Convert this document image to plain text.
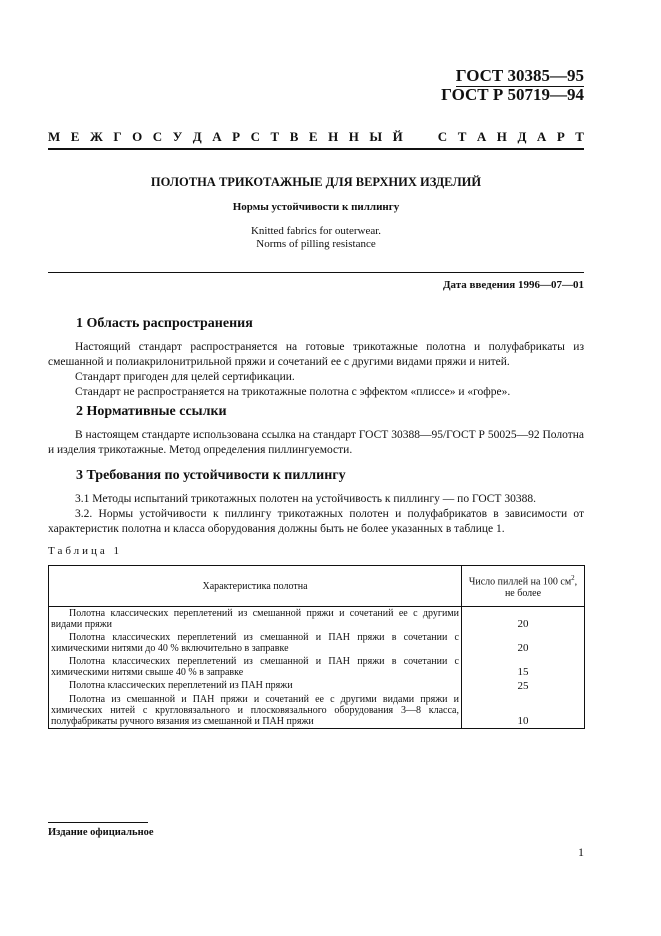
ГОСТ 30385—95
ГОСТ Р 50719—94
М Е Ж Г О С У Д А Р С Т В Е Н Н Ы Й	С Т А Н Д А Р Т
ПОЛОТНА ТРИКОТАЖНЫЕ ДЛЯ ВЕРХНИХ ИЗДЕЛИЙ
Нормы устойчивости к пиллингу
Knitted fabrics for outerwear.
Norms of pilling resistance
Дата введения 1996—07—01
1 Область распространения

Настоящий стандарт распространяется на готовые трикотажные полотна и полуфабрикаты из смешанной и полиакрилонитрильной пряжи и сочетаний ее с другими видами пряжи и нитей.

Стандарт пригоден для целей сертификации.

Стандарт не распространяется на трикотажные полотна с эффектом «плиссе» и «гофре».

2 Нормативные ссылки

В настоящем стандарте использована ссылка на стандарт ГОСТ 30388—95/ГОСТ Р 50025—92 Полотна и изделия трикотажные. Метод определения пиллингуемости.

3 Требования по устойчивости к пиллингу

3.1 Методы испытаний трикотажных полотен на устойчивость к пиллингу — по ГОСТ 30388.

3.2. Нормы устойчивости к пиллингу трикотажных полотен и полуфабрикатов в зависимости от характеристик полотна и класса оборудования должны быть не более указанных в таблице 1.

Таблица 1
Характеристика полотна	Число пиллей на 100 $см^2$, не более
Полотна классических переплетений из смешанной пряжи и сочетаний ее с другими видами пряжи	20
Полотна классических переплетений из смешанной и ПАН пряжи в сочетании с химическими нитями до 40 % включительно в заправке	20
Полотна классических переплетений из смешанной и ПАН пряжи в сочетании с химическими нитями свыше 40 % в заправке	15
Полотна классических переплетений из ПАН пряжи	25
Полотна из смешанной и ПАН пряжи и сочетаний ее с другими видами пряжи и химических нитей с кругловязального и плосковязального оборудования 3—8 класса, полуфабрикаты ручного вязания из смешанной и ПАН пряжи	10
Издание официальное
1
